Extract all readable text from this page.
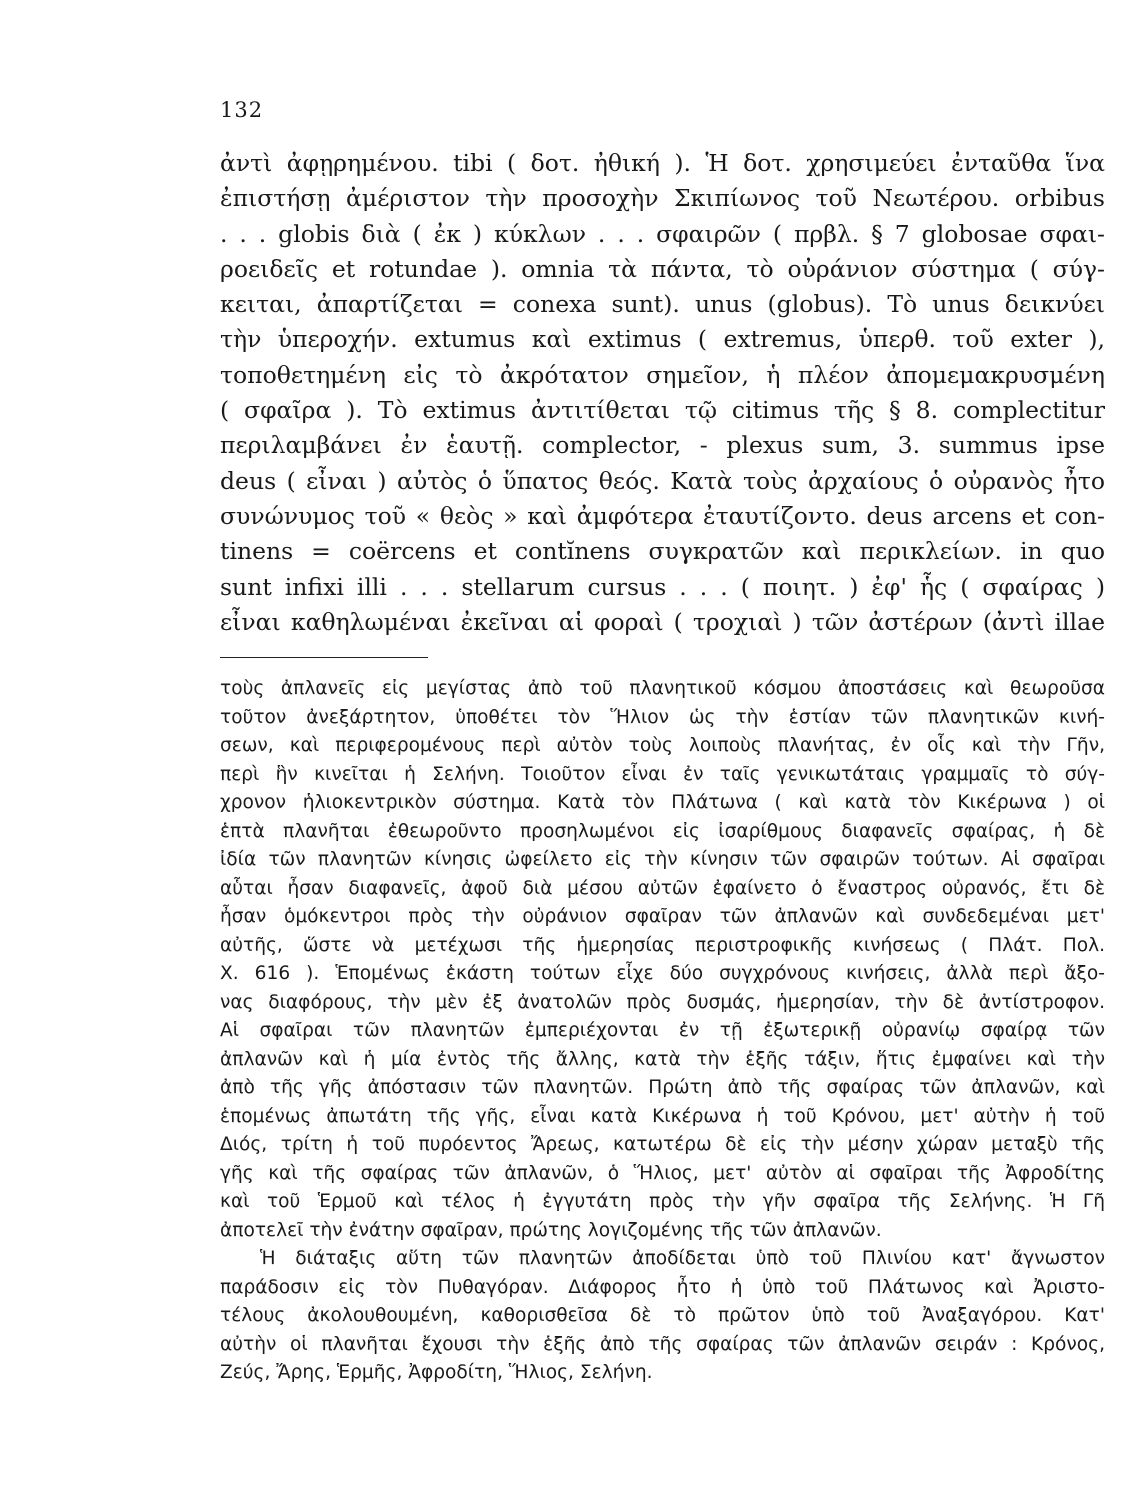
132
ἀντὶ ἀφῃρημένου. tibi ( δοτ. ἠθική ). Ἡ δοτ. χρησιμεύει ἐνταῦθα ἵνα
ἐπιστήσῃ ἀμέριστον τὴν προσοχὴν Σκιπίωνος τοῦ Νεωτέρου. orbibus
. . . globis διὰ ( ἐκ ) κύκλων . . . σφαιρῶν ( πρβλ. § 7 globosae σφαι-
ροειδεῖς et rotundae ). omnia τὰ πάντα, τὸ οὐράνιον σύστημα ( σύγ-
κειται, ἀπαρτίζεται = conexa sunt). unus (globus). Τὸ unus δεικνύει
τὴν ὑπεροχήν. extumus καὶ extimus ( extremus, ὑπερθ. τοῦ exter ),
τοποθετημένη εἰς τὸ ἀκρότατον σημεῖον, ἡ πλέον ἀπομεμακρυσμένη
( σφαῖρα ). Τὸ extimus ἀντιτίθεται τῷ citimus τῆς § 8. complectitur
περιλαμβάνει ἐν ἑαυτῇ. complector, - plexus sum, 3. summus ipse
deus ( εἶναι ) αὐτὸς ὁ ὕπατος θεός. Κατὰ τοὺς ἀρχαίους ὁ οὐρανὸς ἦτο
συνώνυμος τοῦ « θεὸς » καὶ ἀμφότερα ἐταυτίζοντο. deus arcens et con-
tinens = coërcens et contĭnens συγκρατῶν καὶ περικλείων. in quo
sunt infixi illi . . . stellarum cursus . . . ( ποιητ. ) ἐφ' ἧς ( σφαίρας )
εἶναι καθηλωμέναι ἐκεῖναι αἱ φοραὶ ( τροχιαὶ ) τῶν ἀστέρων (ἀντὶ illae
τοὺς ἀπλανεῖς εἰς μεγίστας ἀπὸ τοῦ πλανητικοῦ κόσμου ἀποστάσεις καὶ θεωροῦσα
τοῦτον ἀνεξάρτητον, ὑποθέτει τὸν Ἥλιον ὡς τὴν ἑστίαν τῶν πλανητικῶν κινή-
σεων, καὶ περιφερομένους περὶ αὐτὸν τοὺς λοιποὺς πλανήτας, ἐν οἷς καὶ τὴν Γῆν,
περὶ ἣν κινεῖται ἡ Σελήνη. Τοιοῦτον εἶναι ἐν ταῖς γενικωτάταις γραμμαῖς τὸ σύγ-
χρονον ἡλιοκεντρικὸν σύστημα. Κατὰ τὸν Πλάτωνα ( καὶ κατὰ τὸν Κικέρωνα ) οἱ
ἑπτὰ πλανῆται ἐθεωροῦντο προσηλωμένοι εἰς ἰσαρίθμους διαφανεῖς σφαίρας, ἡ δὲ
ἰδία τῶν πλανητῶν κίνησις ὠφείλετο εἰς τὴν κίνησιν τῶν σφαιρῶν τούτων. Αἱ σφαῖραι
αὗται ἦσαν διαφανεῖς, ἀφοῦ διὰ μέσου αὐτῶν ἐφαίνετο ὁ ἔναστρος οὐρανός, ἔτι δὲ
ἦσαν ὁμόκεντροι πρὸς τὴν οὐράνιον σφαῖραν τῶν ἀπλανῶν καὶ συνδεδεμέναι μετ'
αὐτῆς, ὥστε νὰ μετέχωσι τῆς ἡμερησίας περιστροφικῆς κινήσεως ( Πλάτ. Πολ.
Χ. 616 ). Ἑπομένως ἑκάστη τούτων εἶχε δύο συγχρόνους κινήσεις, ἀλλὰ περὶ ἄξο-
νας διαφόρους, τὴν μὲν ἐξ ἀνατολῶν πρὸς δυσμάς, ἡμερησίαν, τὴν δὲ ἀντίστροφον.
Αἱ σφαῖραι τῶν πλανητῶν ἐμπεριέχονται ἐν τῇ ἐξωτερικῇ οὐρανίῳ σφαίρᾳ τῶν
ἀπλανῶν καὶ ἡ μία ἐντὸς τῆς ἄλλης, κατὰ τὴν ἑξῆς τάξιν, ἥτις ἐμφαίνει καὶ τὴν
ἀπὸ τῆς γῆς ἀπόστασιν τῶν πλανητῶν. Πρώτη ἀπὸ τῆς σφαίρας τῶν ἀπλανῶν, καὶ
ἑπομένως ἀπωτάτη τῆς γῆς, εἶναι κατὰ Κικέρωνα ἡ τοῦ Κρόνου, μετ' αὐτὴν ἡ τοῦ
Διός, τρίτη ἡ τοῦ πυρόεντος Ἄρεως, κατωτέρω δὲ εἰς τὴν μέσην χώραν μεταξὺ τῆς
γῆς καὶ τῆς σφαίρας τῶν ἀπλανῶν, ὁ Ἥλιος, μετ' αὐτὸν αἱ σφαῖραι τῆς Ἀφροδίτης
καὶ τοῦ Ἑρμοῦ καὶ τέλος ἡ ἐγγυτάτη πρὸς τὴν γῆν σφαῖρα τῆς Σελήνης. Ἡ Γῆ
ἀποτελεῖ τὴν ἐνάτην σφαῖραν, πρώτης λογιζομένης τῆς τῶν ἀπλανῶν.
Ἡ διάταξις αὕτη τῶν πλανητῶν ἀποδίδεται ὑπὸ τοῦ Πλινίου κατ' ἄγνωστον
παράδοσιν εἰς τὸν Πυθαγόραν. Διάφορος ἦτο ἡ ὑπὸ τοῦ Πλάτωνος καὶ Ἀριστο-
τέλους ἀκολουθουμένη, καθορισθεῖσα δὲ τὸ πρῶτον ὑπὸ τοῦ Ἀναξαγόρου. Κατ'
αὐτὴν οἱ πλανῆται ἔχουσι τὴν ἑξῆς ἀπὸ τῆς σφαίρας τῶν ἀπλανῶν σειράν : Κρόνος,
Ζεύς, Ἄρης, Ἑρμῆς, Ἀφροδίτη, Ἥλιος, Σελήνη.
